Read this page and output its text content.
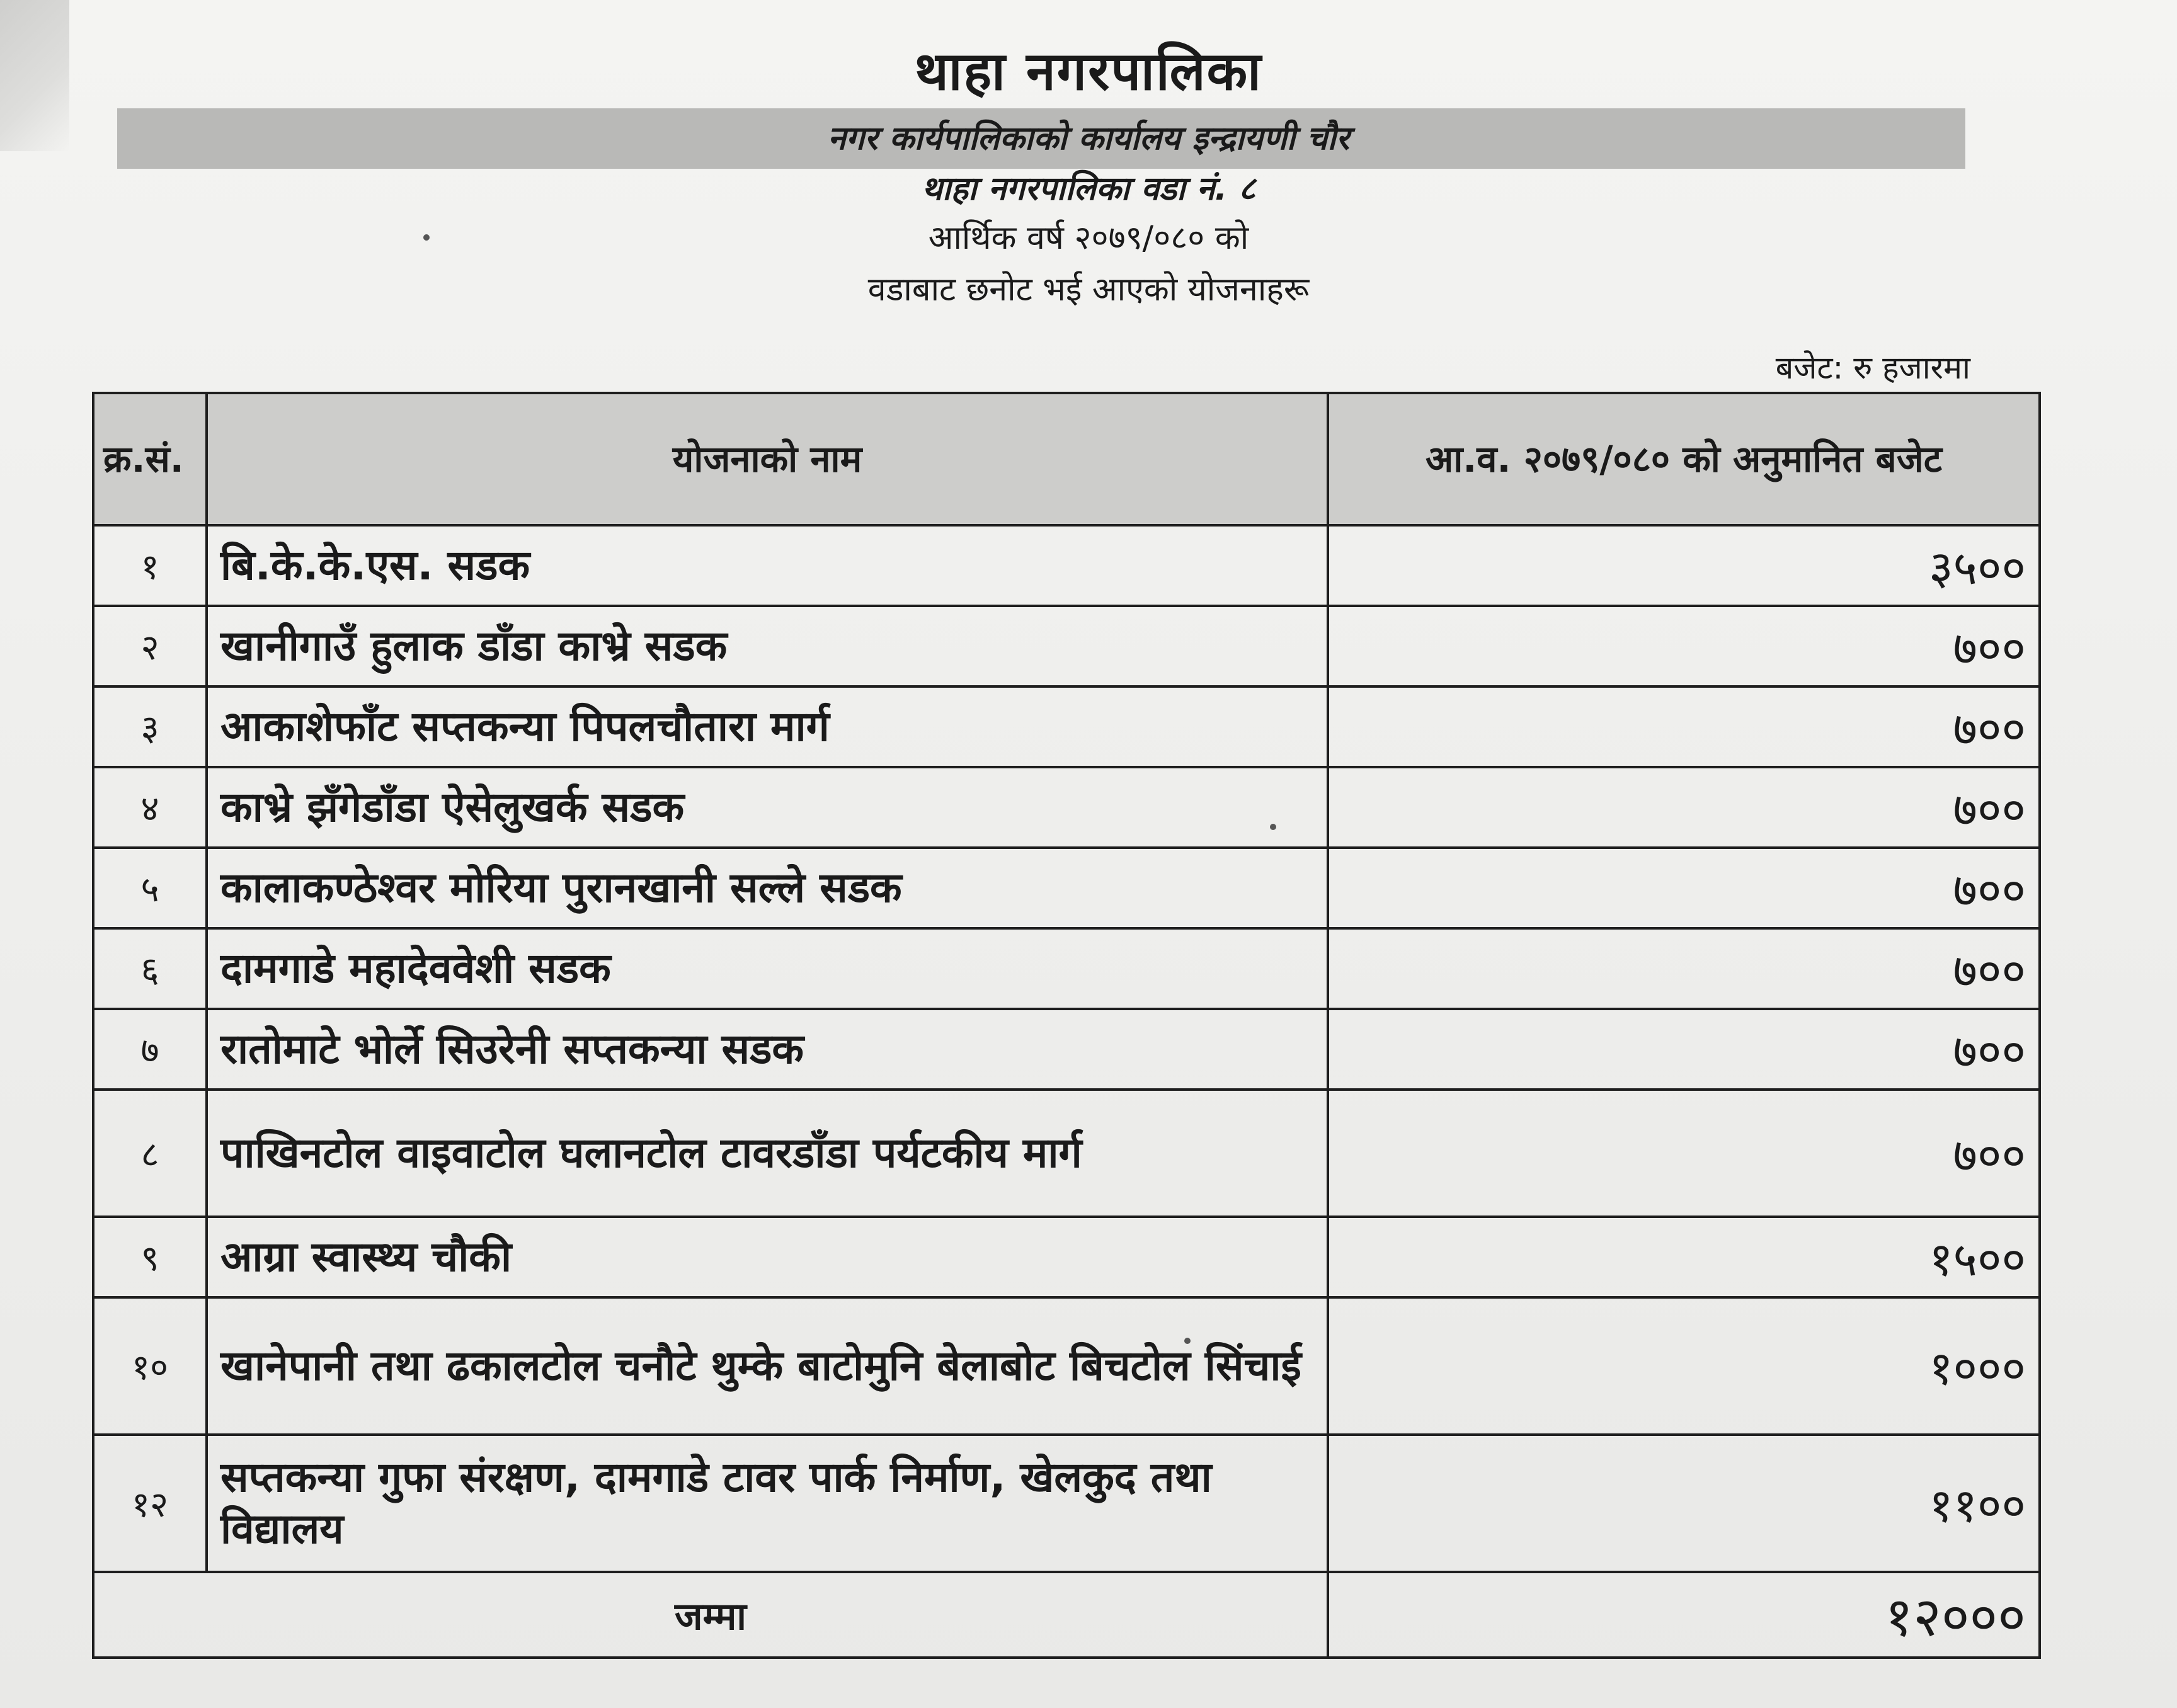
थाहा नगरपालिका
नगर कार्यपालिकाको कार्यालय इन्द्रायणी चौर
थाहा नगरपालिका वडा नं. ८
आर्थिक वर्ष २०७९/०८० को
वडाबाट छनोट भई आएको योजनाहरू
बजेट: रु हजारमा
क्र.सं.	योजनाको नाम	आ.व. २०७९/०८० को अनुमानित बजेट
१	बि.के.के.एस. सडक	३५००
२	खानीगाउँ हुलाक डाँडा काभ्रे सडक	७००
३	आकाशेफाँट सप्तकन्या पिपलचौतारा मार्ग	७००
४	काभ्रे झँगेडाँडा ऐसेलुखर्क सडक	७००
५	कालाकण्ठेश्वर मोरिया पुरानखानी सल्ले सडक	७००
६	दामगाडे महादेववेशी सडक	७००
७	रातोमाटे भोर्ले सिउरेनी सप्तकन्या सडक	७००
८	पाखिनटोल वाइवाटोल घलानटोल टावरडाँडा पर्यटकीय मार्ग	७००
९	आग्रा स्वास्थ्य चौकी	१५००
१०	खानेपानी तथा ढकालटोल चनौटे थुम्के बाटोमुनि बेलाबोट बिचटोल सिंचाई	१०००
१२	सप्तकन्या गुफा संरक्षण, दामगाडे टावर पार्क निर्माण, खेलकुद तथा विद्यालय	११००
जम्मा		१२०००
